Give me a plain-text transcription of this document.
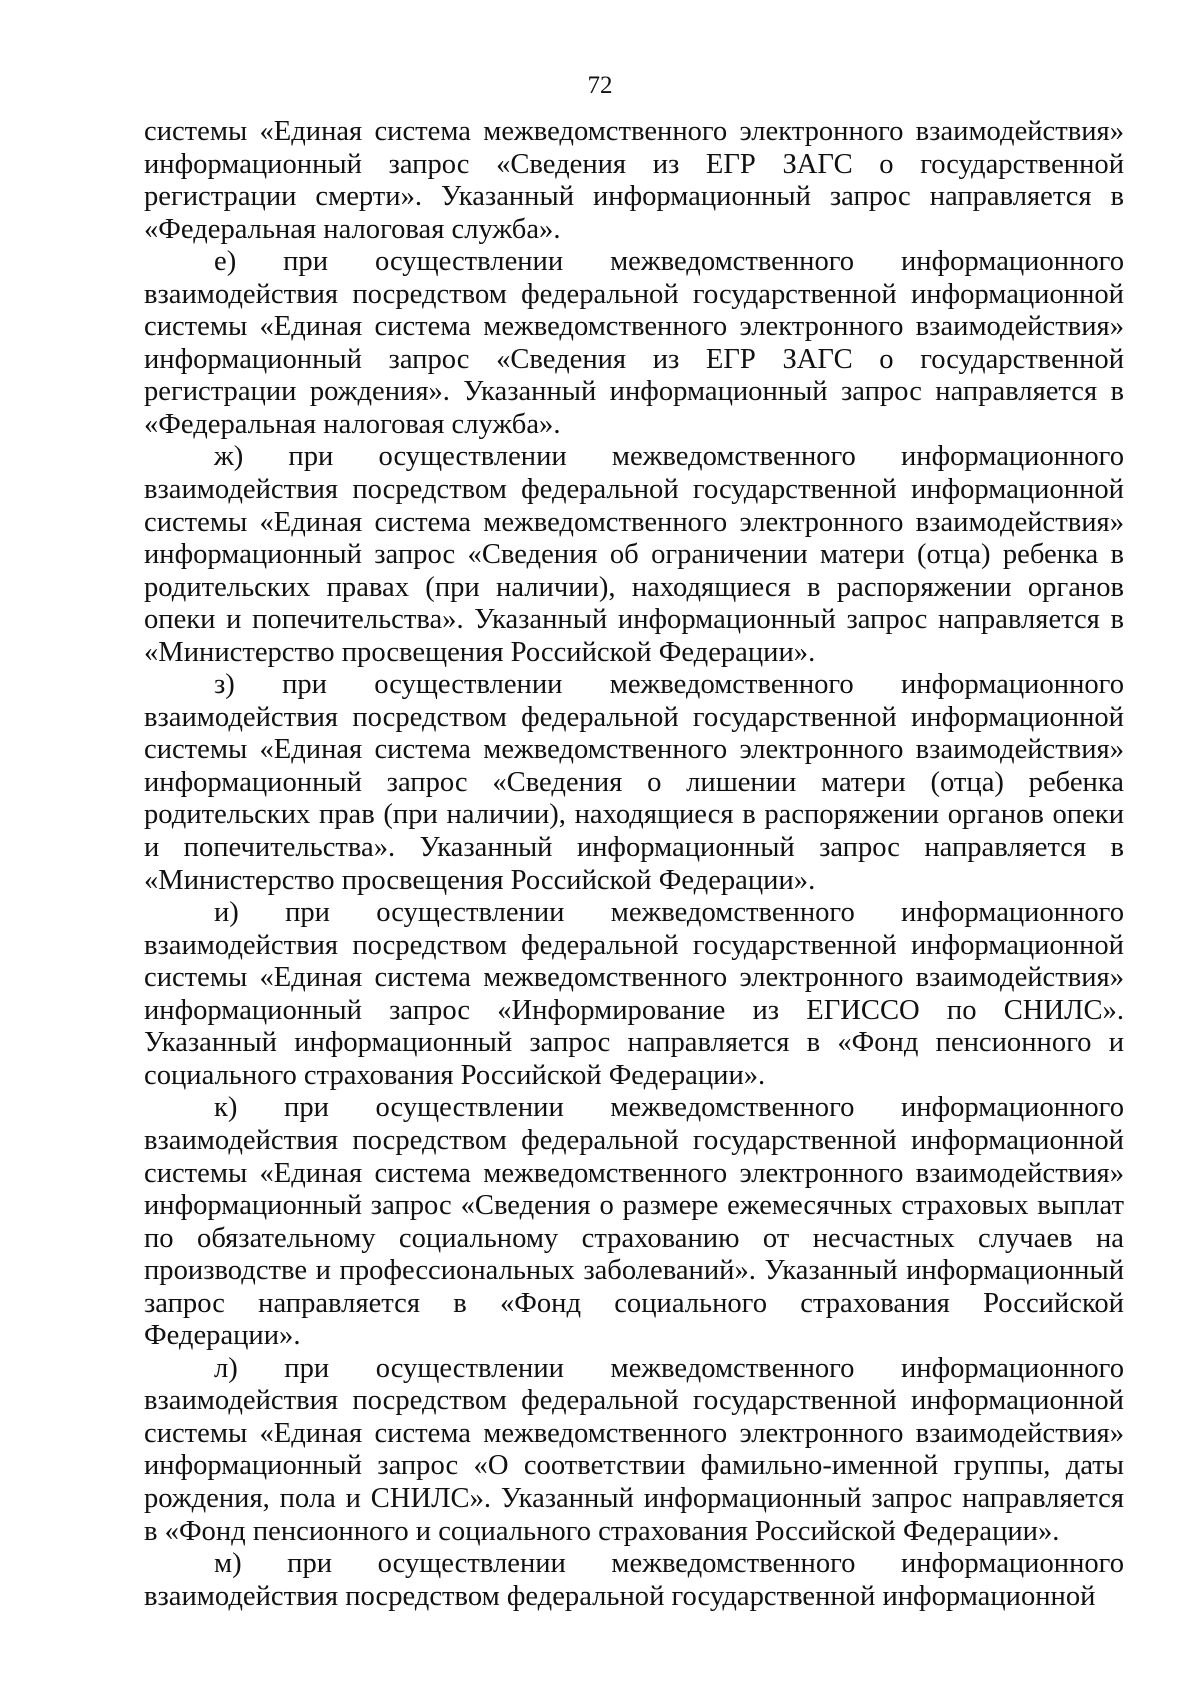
72

системы «Единая система межведомственного электронного взаимодействия» информационный запрос «Сведения из ЕГР ЗАГС о государственной регистрации смерти». Указанный информационный запрос направляется в «Федеральная налоговая служба».

е) при осуществлении межведомственного информационного взаимодействия посредством федеральной государственной информационной системы «Единая система межведомственного электронного взаимодействия» информационный запрос «Сведения из ЕГР ЗАГС о государственной регистрации рождения». Указанный информационный запрос направляется в «Федеральная налоговая служба».

ж) при осуществлении межведомственного информационного взаимодействия посредством федеральной государственной информационной системы «Единая система межведомственного электронного взаимодействия» информационный запрос «Сведения об ограничении матери (отца) ребенка в родительских правах (при наличии), находящиеся в распоряжении органов опеки и попечительства». Указанный информационный запрос направляется в «Министерство просвещения Российской Федерации».

з) при осуществлении межведомственного информационного взаимодействия посредством федеральной государственной информационной системы «Единая система межведомственного электронного взаимодействия» информационный запрос «Сведения о лишении матери (отца) ребенка родительских прав (при наличии), находящиеся в распоряжении органов опеки и попечительства». Указанный информационный запрос направляется в «Министерство просвещения Российской Федерации».

и) при осуществлении межведомственного информационного взаимодействия посредством федеральной государственной информационной системы «Единая система межведомственного электронного взаимодействия» информационный запрос «Информирование из ЕГИССО по СНИЛС». Указанный информационный запрос направляется в «Фонд пенсионного и социального страхования Российской Федерации».

к) при осуществлении межведомственного информационного взаимодействия посредством федеральной государственной информационной системы «Единая система межведомственного электронного взаимодействия» информационный запрос «Сведения о размере ежемесячных страховых выплат по обязательному социальному страхованию от несчастных случаев на производстве и профессиональных заболеваний». Указанный информационный запрос направляется в «Фонд социального страхования Российской Федерации».

л) при осуществлении межведомственного информационного взаимодействия посредством федеральной государственной информационной системы «Единая система межведомственного электронного взаимодействия» информационный запрос «О соответствии фамильно-именной группы, даты рождения, пола и СНИЛС». Указанный информационный запрос направляется в «Фонд пенсионного и социального страхования Российской Федерации».

м) при осуществлении межведомственного информационного взаимодействия посредством федеральной государственной информационной
